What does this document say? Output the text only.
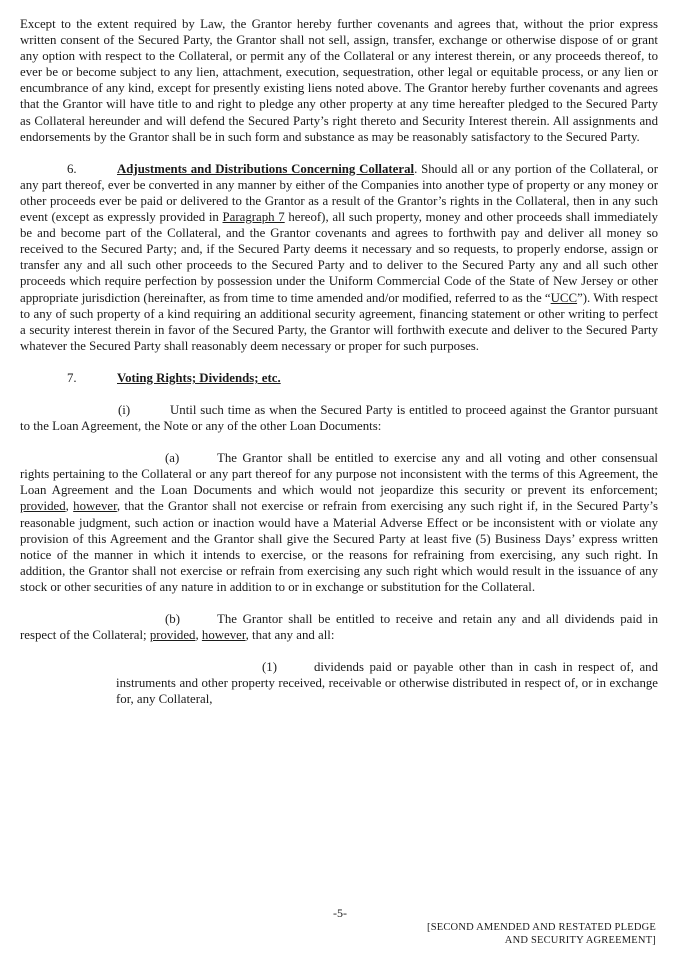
Except to the extent required by Law, the Grantor hereby further covenants and agrees that, without the prior express written consent of the Secured Party, the Grantor shall not sell, assign, transfer, exchange or otherwise dispose of or grant any option with respect to the Collateral, or permit any of the Collateral or any interest therein, or any proceeds thereof, to ever be or become subject to any lien, attachment, execution, sequestration, other legal or equitable process, or any lien or encumbrance of any kind, except for presently existing liens noted above. The Grantor hereby further covenants and agrees that the Grantor will have title to and right to pledge any other property at any time hereafter pledged to the Secured Party as Collateral hereunder and will defend the Secured Party’s right thereto and Security Interest therein. All assignments and endorsements by the Grantor shall be in such form and substance as may be reasonably satisfactory to the Secured Party.

6.	Adjustments and Distributions Concerning Collateral. Should all or any portion of the Collateral, or any part thereof, ever be converted in any manner by either of the Companies into another type of property or any money or other proceeds ever be paid or delivered to the Grantor as a result of the Grantor’s rights in the Collateral, then in any such event (except as expressly provided in Paragraph 7 hereof), all such property, money and other proceeds shall immediately be and become part of the Collateral, and the Grantor covenants and agrees to forthwith pay and deliver all money so received to the Secured Party; and, if the Secured Party deems it necessary and so requests, to properly endorse, assign or transfer any and all such other proceeds to the Secured Party and to deliver to the Secured Party any and all such other proceeds which require perfection by possession under the Uniform Commercial Code of the State of New Jersey or other appropriate jurisdiction (hereinafter, as from time to time amended and/or modified, referred to as the “UCC”). With respect to any of such property of a kind requiring an additional security agreement, financing statement or other writing to perfect a security interest therein in favor of the Secured Party, the Grantor will forthwith execute and deliver to the Secured Party whatever the Secured Party shall reasonably deem necessary or proper for such purposes.

7.	Voting Rights; Dividends; etc.

(i)	Until such time as when the Secured Party is entitled to proceed against the Grantor pursuant to the Loan Agreement, the Note or any of the other Loan Documents:

(a)	The Grantor shall be entitled to exercise any and all voting and other consensual rights pertaining to the Collateral or any part thereof for any purpose not inconsistent with the terms of this Agreement, the Loan Agreement and the Loan Documents and which would not jeopardize this security or prevent its enforcement; provided, however, that the Grantor shall not exercise or refrain from exercising any such right if, in the Secured Party’s reasonable judgment, such action or inaction would have a Material Adverse Effect or be inconsistent with or violate any provision of this Agreement and the Grantor shall give the Secured Party at least five (5) Business Days’ express written notice of the manner in which it intends to exercise, or the reasons for refraining from exercising, any such right. In addition, the Grantor shall not exercise or refrain from exercising any such right which would result in the issuance of any stock or other securities of any nature in addition to or in exchange or substitution for the Collateral.

(b)	The Grantor shall be entitled to receive and retain any and all dividends paid in respect of the Collateral; provided, however, that any and all:

(1)	dividends paid or payable other than in cash in respect of, and instruments and other property received, receivable or otherwise distributed in respect of, or in exchange for, any Collateral,

-5-
[SECOND AMENDED AND RESTATED PLEDGE
AND SECURITY AGREEMENT]
